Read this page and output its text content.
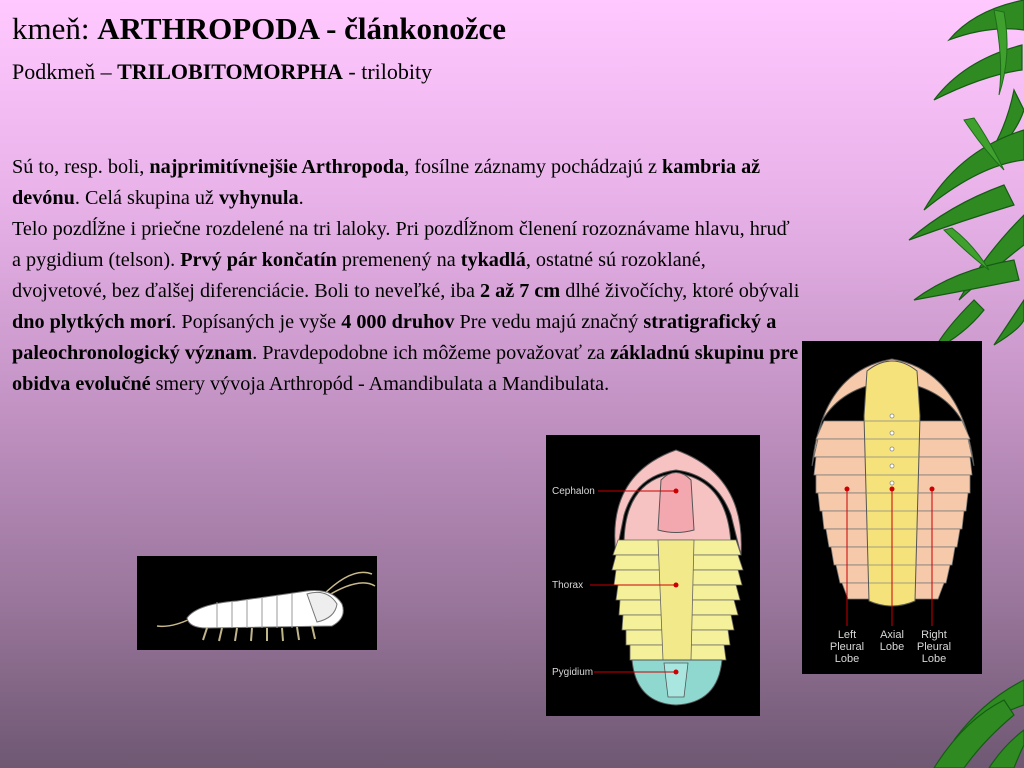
kmeň: ARTHROPODA - článkonožce
Podkmeň – TRILOBITOMORPHA - trilobity

Sú to, resp. boli, najprimitívnejšie Arthropoda, fosílne záznamy pochádzajú z kambria až devónu. Celá skupina už vyhynula.

Telo pozdĺžne i priečne rozdelené na tri laloky. Pri pozdĺžnom členení rozoznávame hlavu, hruď a pygidium (telson). Prvý pár končatín premenený na tykadlá, ostatné sú rozoklané, dvojvetové, bez ďalšej diferenciácie. Boli to neveľké, iba 2 až 7 cm dlhé živočíchy, ktoré obývali dno plytkých morí. Popísaných je vyše 4 000 druhov Pre vedu majú značný stratigrafický a paleochronologický význam. Pravdepodobne ich môžeme považovať za základnú skupinu pre obidva evolučné smery vývoja Arthropód - Amandibulata a Mandibulata.

Cephalon
Thorax
Pygidium
Left
Pleural
Lobe
Axial
Lobe
Right
Pleural
Lobe
